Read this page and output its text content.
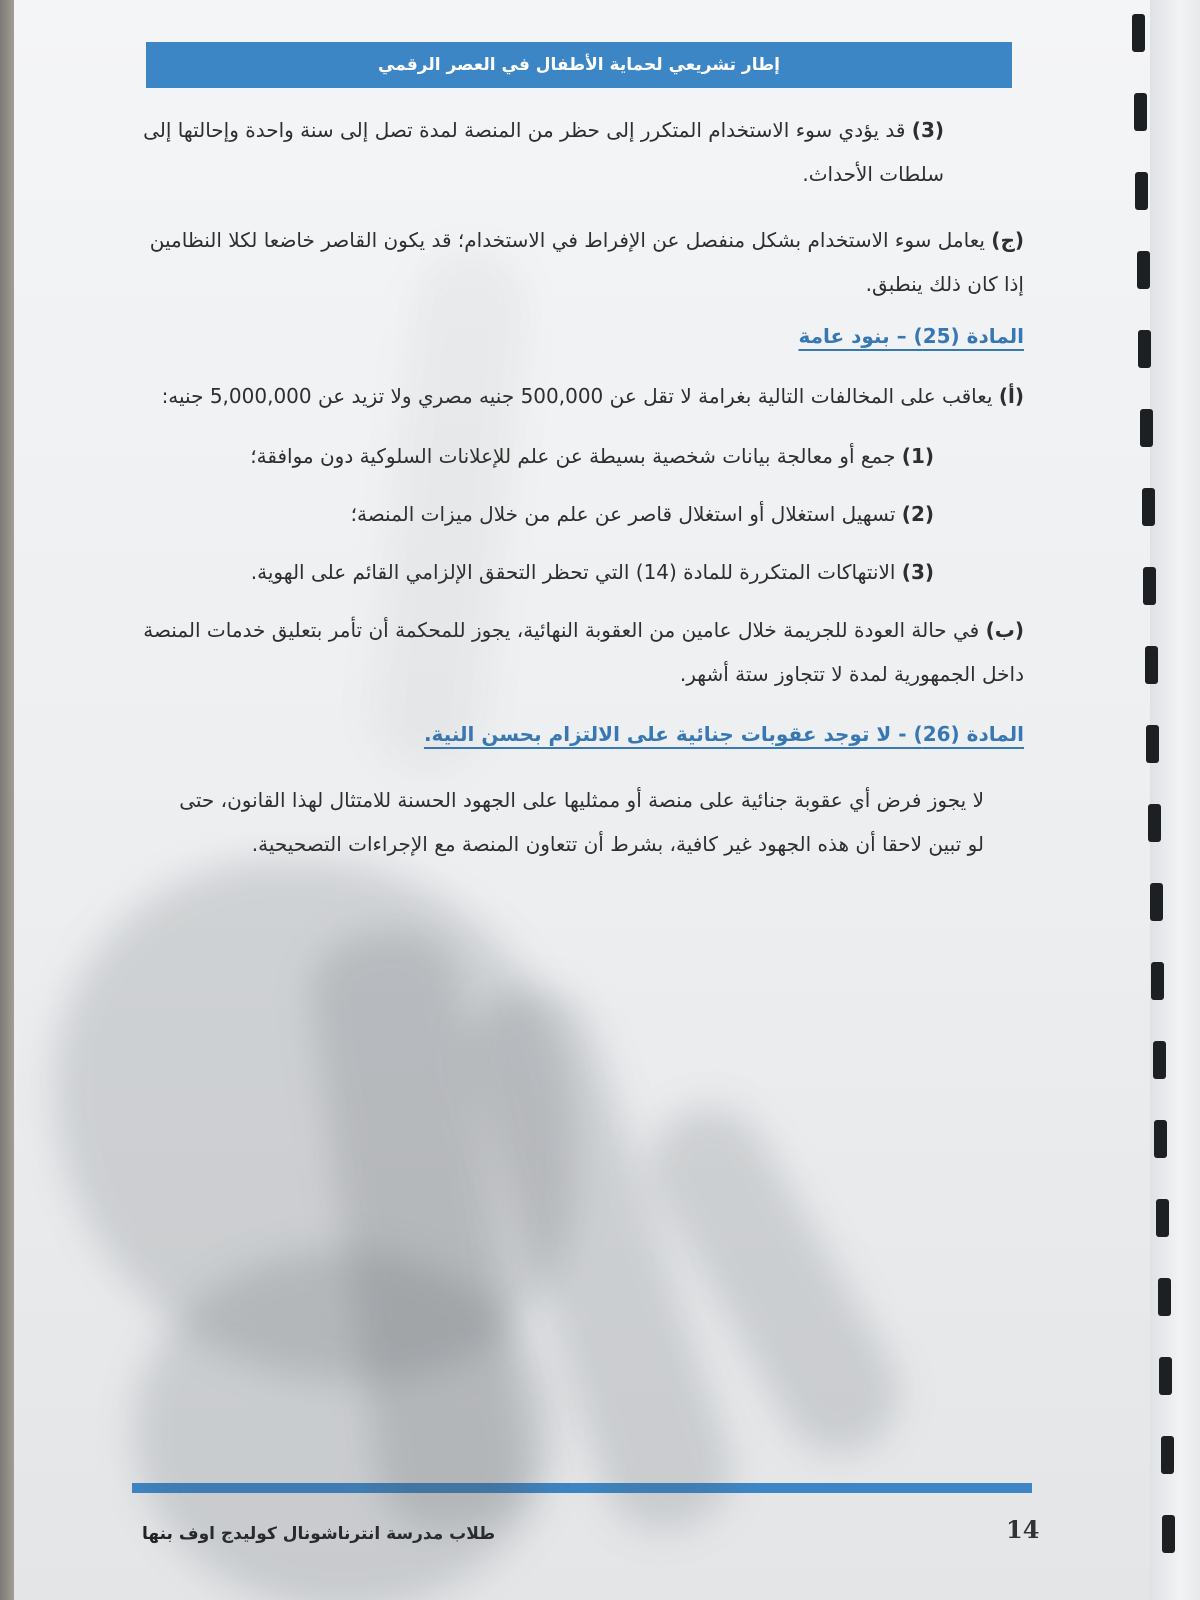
إطار تشريعي لحماية الأطفال في العصر الرقمي

(3) قد يؤدي سوء الاستخدام المتكرر إلى حظر من المنصة لمدة تصل إلى سنة واحدة وإحالتها إلى سلطات الأحداث.

(ج) يعامل سوء الاستخدام بشكل منفصل عن الإفراط في الاستخدام؛ قد يكون القاصر خاضعا لكلا النظامين إذا كان ذلك ينطبق.

المادة (25) – بنود عامة

(أ) يعاقب على المخالفات التالية بغرامة لا تقل عن 500,000 جنيه مصري ولا تزيد عن 5,000,000 جنيه:

(1) جمع أو معالجة بيانات شخصية بسيطة عن علم للإعلانات السلوكية دون موافقة؛

(2) تسهيل استغلال أو استغلال قاصر عن علم من خلال ميزات المنصة؛

(3) الانتهاكات المتكررة للمادة (14) التي تحظر التحقق الإلزامي القائم على الهوية.

(ب) في حالة العودة للجريمة خلال عامين من العقوبة النهائية، يجوز للمحكمة أن تأمر بتعليق خدمات المنصة داخل الجمهورية لمدة لا تتجاوز ستة أشهر.

المادة (26) - لا توجد عقوبات جنائية على الالتزام بحسن النية.

لا يجوز فرض أي عقوبة جنائية على منصة أو ممثليها على الجهود الحسنة للامتثال لهذا القانون، حتى لو تبين لاحقا أن هذه الجهود غير كافية، بشرط أن تتعاون المنصة مع الإجراءات التصحيحية.

طلاب مدرسة انترناشونال كوليدج اوف بنها	14
